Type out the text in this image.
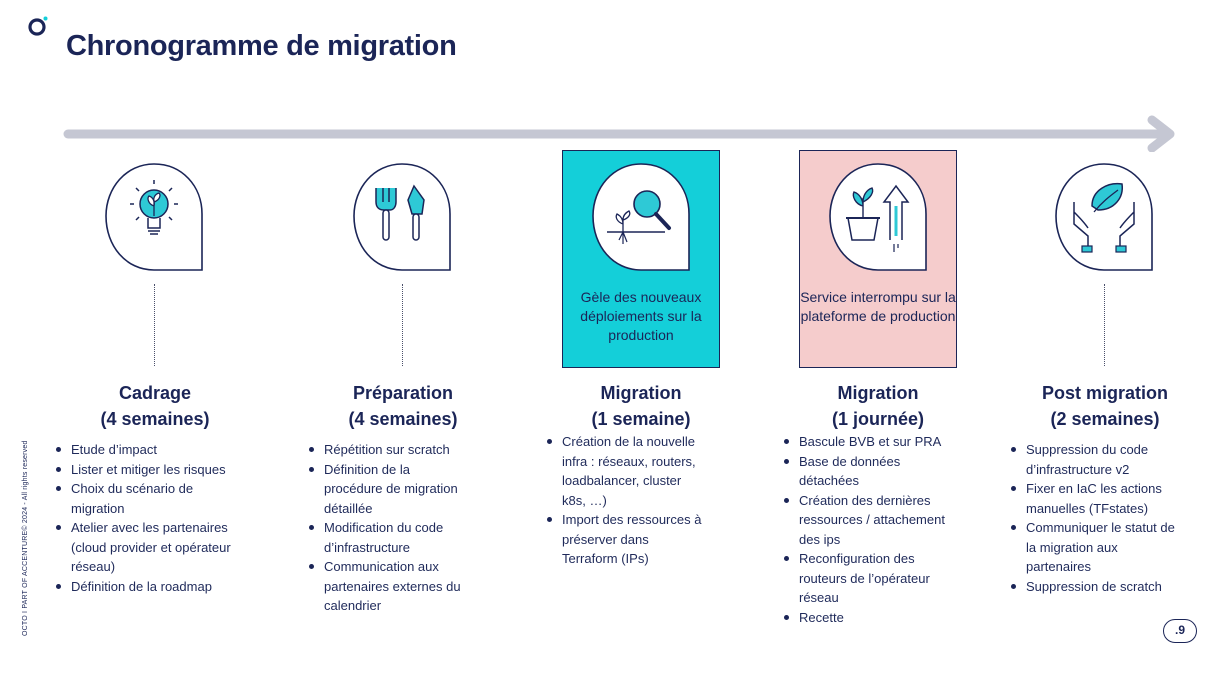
Chronogramme de migration
Cadrage
(4 semaines)
Etude d’impact
Lister et mitiger les risques
Choix du scénario de migration
Atelier avec les partenaires (cloud provider et opérateur réseau)
Définition de la roadmap
Préparation
(4 semaines)
Répétition sur scratch
Définition de la procédure de migration détaillée
Modification du code d’infrastructure
Communication aux partenaires externes du calendrier
Gèle des nouveaux déploiements sur la production
Migration
(1 semaine)
Création de la nouvelle infra : réseaux, routers, loadbalancer, cluster k8s, …)
Import des ressources à préserver dans Terraform (IPs)
Service interrompu sur la plateforme de production
Migration
(1 journée)
Bascule BVB et sur PRA
Base de données détachées
Création des dernières ressources / attachement des ips
Reconfiguration des routeurs de l’opérateur réseau
Recette
Post migration
(2 semaines)
Suppression du code d’infrastructure v2
Fixer en IaC les actions manuelles (TFstates)
Communiquer le statut de la migration aux partenaires
Suppression de scratch
OCTO I PART OF ACCENTURE© 2024 - All rights reserved	.9
